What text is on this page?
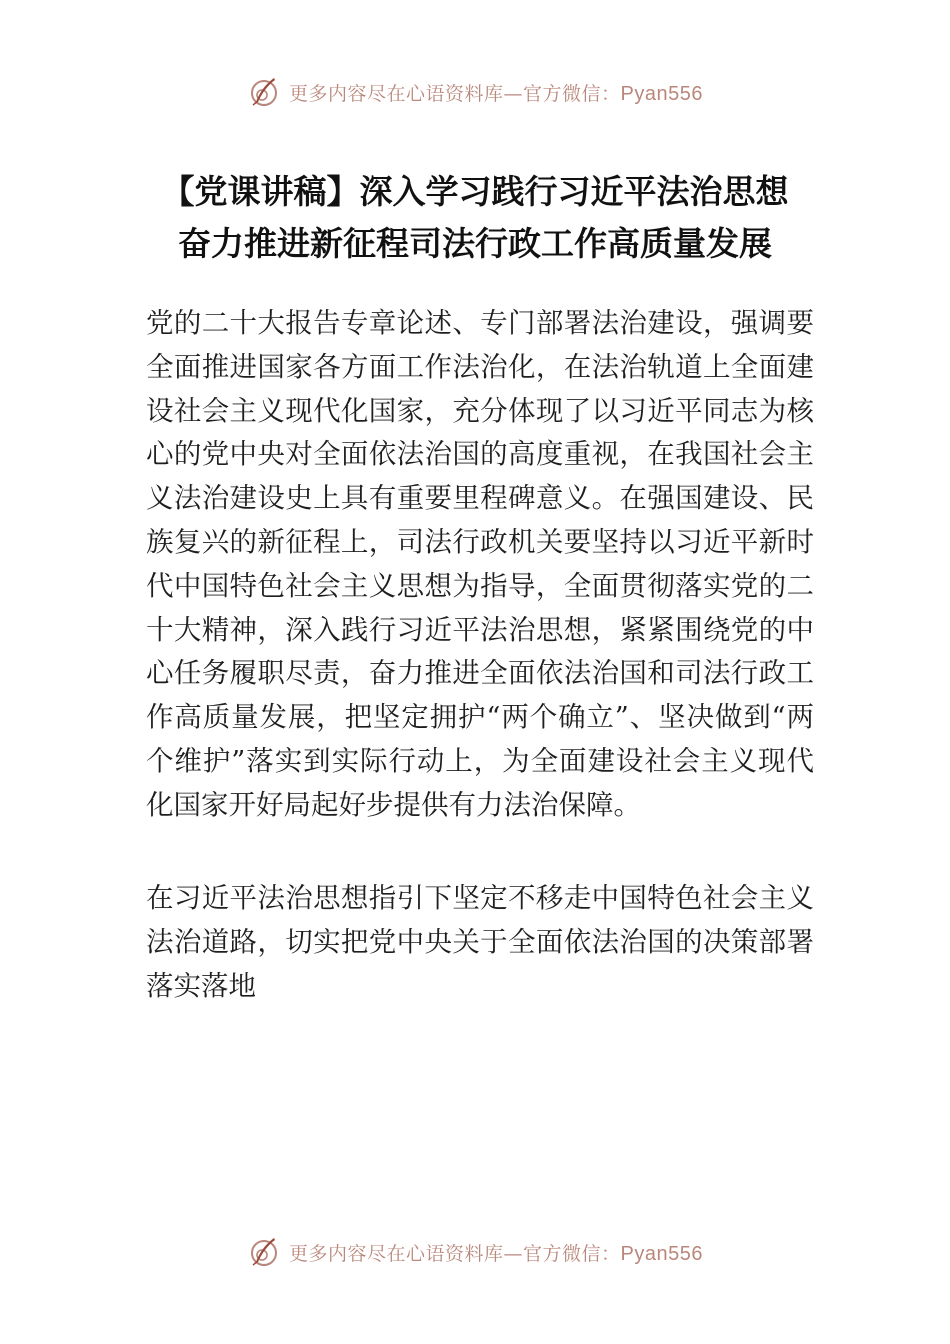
更多内容尽在心语资料库—官方微信：Pyan556
【党课讲稿】深入学习践行习近平法治思想
奋力推进新征程司法行政工作高质量发展
党的二十大报告专章论述、专门部署法治建设，强调要全面推进国家各方面工作法治化，在法治轨道上全面建设社会主义现代化国家，充分体现了以习近平同志为核心的党中央对全面依法治国的高度重视，在我国社会主义法治建设史上具有重要里程碑意义。在强国建设、民族复兴的新征程上，司法行政机关要坚持以习近平新时代中国特色社会主义思想为指导，全面贯彻落实党的二十大精神，深入践行习近平法治思想，紧紧围绕党的中心任务履职尽责，奋力推进全面依法治国和司法行政工作高质量发展，把坚定拥护“两个确立”、坚决做到“两个维护”落实到实际行动上，为全面建设社会主义现代化国家开好局起好步提供有力法治保障。
在习近平法治思想指引下坚定不移走中国特色社会主义法治道路，切实把党中央关于全面依法治国的决策部署落实落地
更多内容尽在心语资料库—官方微信：Pyan556
